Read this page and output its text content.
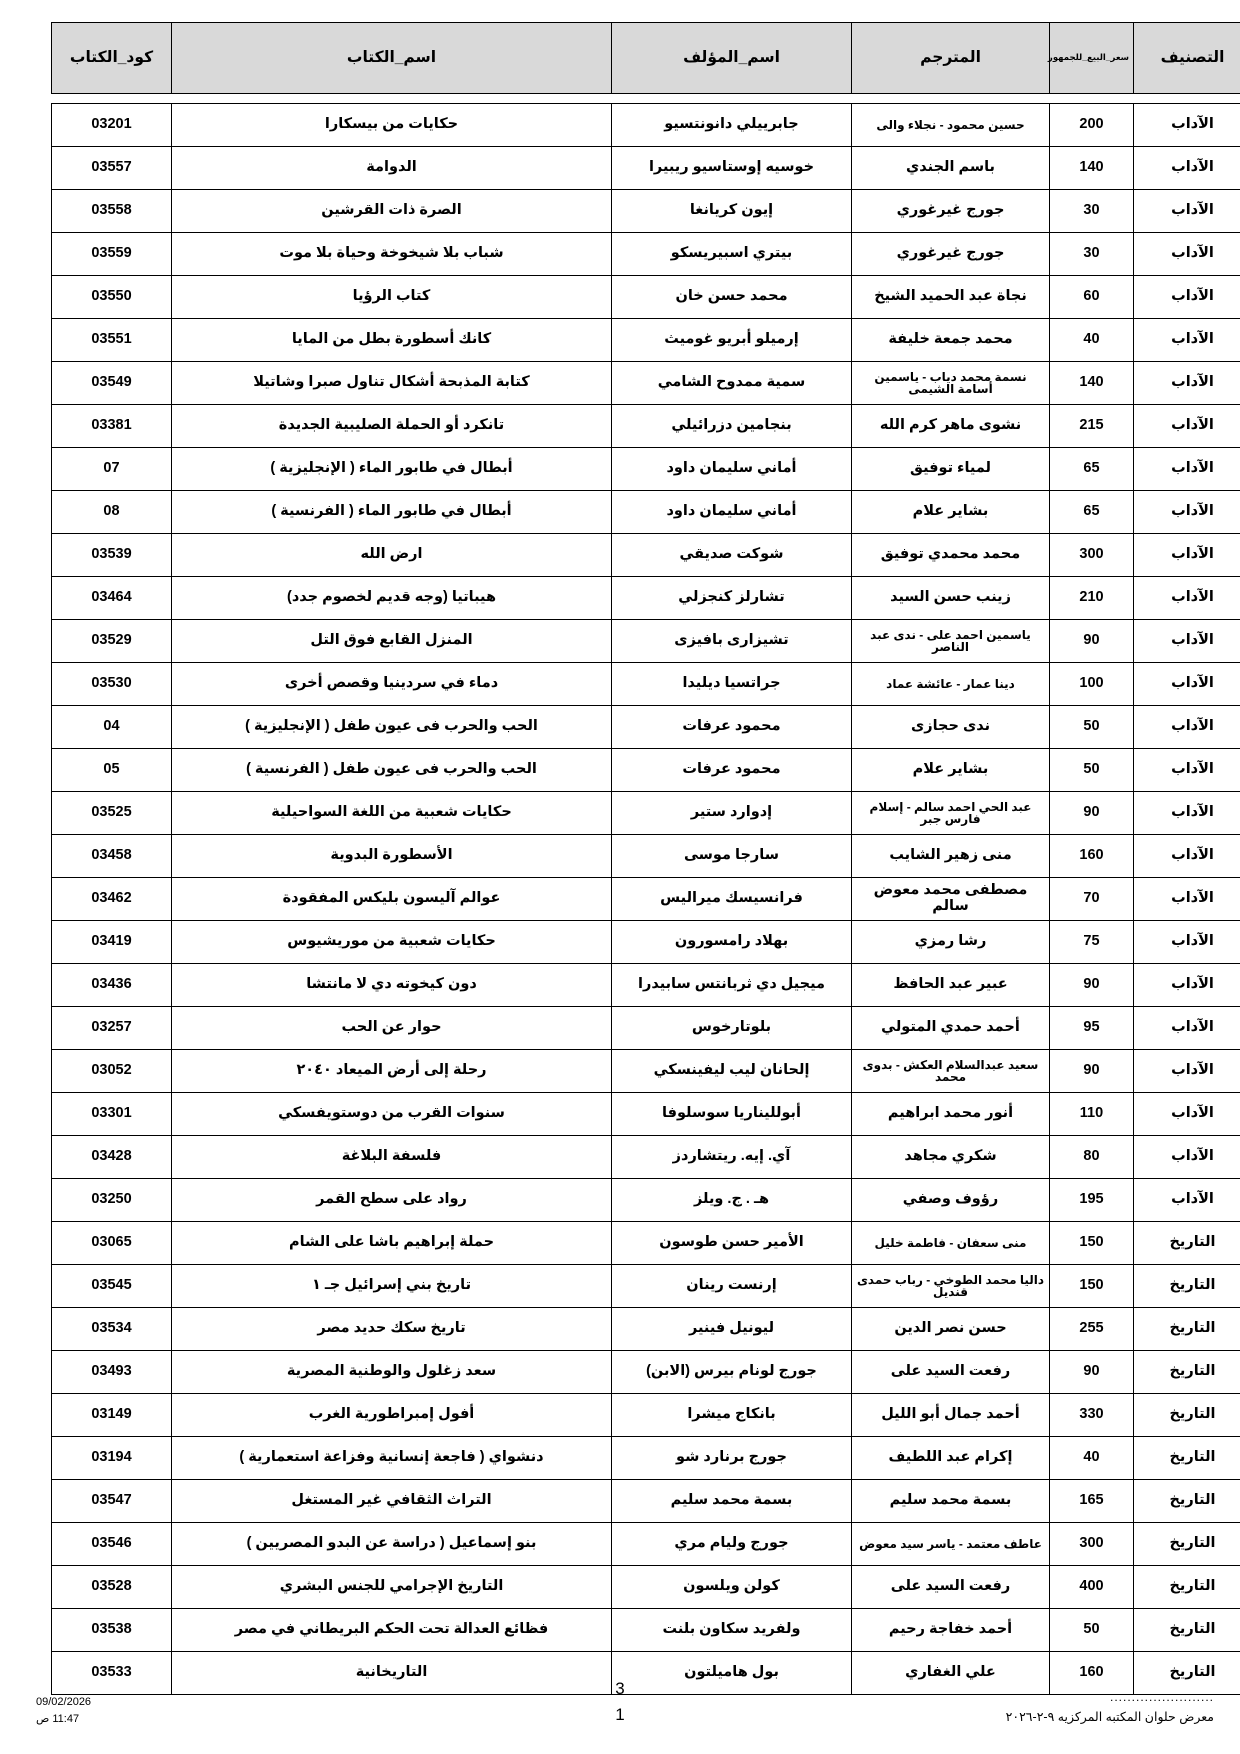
التصنيف	سعر_البيع_للجمهور	المترجم	اسم_المؤلف	اسم_الكتاب	كود_الكتاب

الآداب	200	حسين محمود - نجلاء والى	جابرييلي دانونتسيو	حكايات من بيسكارا	03201
الآداب	140	باسم الجندي	خوسيه إوستاسيو ريبيرا	الدوامة	03557
الآداب	30	جورج غيرغوري	إيون كريانغا	الصرة ذات القرشين	03558
الآداب	30	جورج غيرغوري	بيتري اسبيريسكو	شباب بلا شيخوخة وحياة بلا موت	03559
الآداب	60	نجاة عبد الحميد الشيخ	محمد حسن خان	كتاب الرؤيا	03550
الآداب	40	محمد جمعة خليفة	إرميلو أبريو غوميث	كانك أسطورة بطل من المايا	03551
الآداب	140	نسمة محمد دياب - ياسمين أسامة الشيمى	سمية ممدوح الشامي	كتابة المذبحة أشكال تناول صبرا وشاتيلا	03549
الآداب	215	نشوى ماهر كرم الله	بنجامين دزرائيلي	تانكرد أو الحملة الصليبية الجديدة	03381
الآداب	65	لمياء توفيق	أماني سليمان داود	أبطال في طابور الماء ( الإنجليزية )	07
الآداب	65	بشاير علام	أماني سليمان داود	أبطال في طابور الماء ( الفرنسية )	08
الآداب	300	محمد محمدي توفيق	شوكت صديقي	ارض الله	03539
الآداب	210	زينب حسن السيد	تشارلز كنجزلي	هيباتيا (وجه قديم لخصوم جدد)	03464
الآداب	90	ياسمين احمد على - ندى عبد الناصر	تشيزارى بافيزى	المنزل القابع فوق التل	03529
الآداب	100	دينا عمار - عائشة عماد	جراتسيا ديليدا	دماء في سردينيا وقصص أخرى	03530
الآداب	50	ندى حجازى	محمود عرفات	الحب والحرب فى عيون طفل ( الإنجليزية )	04
الآداب	50	بشاير علام	محمود عرفات	الحب والحرب فى عيون طفل ( الفرنسية )	05
الآداب	90	عبد الحي احمد سالم - إسلام فارس جبر	إدوارد ستير	حكايات شعبية من اللغة السواحيلية	03525
الآداب	160	منى زهير الشايب	سارجا موسى	الأسطورة البدوية	03458
الآداب	70	مصطفى محمد معوض سالم	فرانسيسك ميراليس	عوالم آليسون بليكس المفقودة	03462
الآداب	75	رشا رمزي	بهلاد رامسورون	حكايات شعبية من موريشيوس	03419
الآداب	90	عبير عبد الحافظ	ميجيل دي ثربانتس سابيدرا	دون كيخوته دي لا مانتشا	03436
الآداب	95	أحمد حمدي المتولي	بلوتارخوس	حوار عن الحب	03257
الآداب	90	سعيد عبدالسلام العكش - بدوى محمد	إلحانان ليب ليفينسكي	رحلة إلى أرض الميعاد ٢٠٤٠	03052
الآداب	110	أنور محمد ابراهيم	أبولليناريا سوسلوفا	سنوات القرب من دوستويفسكي	03301
الآداب	80	شكري مجاهد	آي. إيه. ريتشاردز	فلسفة البلاغة	03428
الآداب	195	رؤوف وصفي	هـ . ج. ويلز	رواد على سطح القمر	03250
التاريخ	150	منى سعفان - فاطمة خليل	الأمير حسن طوسون	حملة إبراهيم باشا على الشام	03065
التاريخ	150	داليا محمد الطوخي - رباب حمدى قنديل	إرنست رينان	تاريخ بني إسرائيل جـ ١	03545
التاريخ	255	حسن نصر الدين	ليونيل فينير	تاريخ سكك حديد مصر	03534
التاريخ	90	رفعت السيد على	جورج لونام بيرس (الابن)	سعد زغلول والوطنية المصرية	03493
التاريخ	330	أحمد جمال أبو الليل	بانكاج ميشرا	أفول إمبراطورية الغرب	03149
التاريخ	40	إكرام عبد اللطيف	جورج برنارد شو	دنشواي ( فاجعة إنسانية وفزاعة استعمارية )	03194
التاريخ	165	بسمة محمد سليم	بسمة محمد سليم	التراث الثقافي غير المستغل	03547
التاريخ	300	عاطف معتمد - ياسر سيد معوض	جورج وليام مري	بنو إسماعيل ( دراسة عن البدو المصريين )	03546
التاريخ	400	رفعت السيد على	كولن ويلسون	التاريخ الإجرامي للجنس البشري	03528
التاريخ	50	أحمد خفاجة رحيم	ولفريد سكاون بلنت	فظائع العدالة تحت الحكم البريطاني في مصر	03538
التاريخ	160	علي الغفاري	بول هاميلتون	التاريخانية	03533
09/02/2026
11:47 ص
3
1
........................
معرض حلوان المكتبه المركزيه ٩-٢-٢٠٢٦
